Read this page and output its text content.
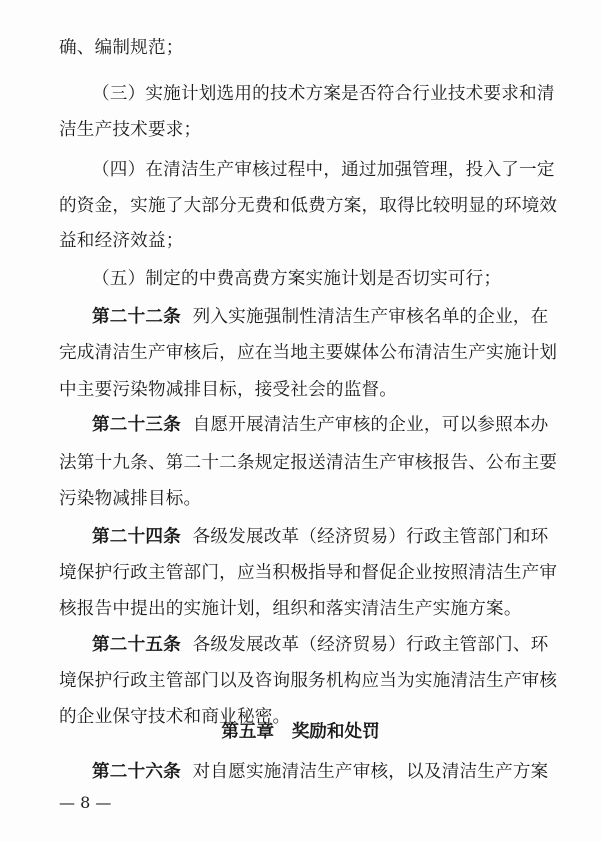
确、编制规范；
（三）实施计划选用的技术方案是否符合行业技术要求和清
洁生产技术要求；
（四）在清洁生产审核过程中，通过加强管理，投入了一定
的资金，实施了大部分无费和低费方案，取得比较明显的环境效
益和经济效益；
（五）制定的中费高费方案实施计划是否切实可行；
第二十二条 列入实施强制性清洁生产审核名单的企业，在
完成清洁生产审核后，应在当地主要媒体公布清洁生产实施计划
中主要污染物减排目标，接受社会的监督。
第二十三条 自愿开展清洁生产审核的企业，可以参照本办
法第十九条、第二十二条规定报送清洁生产审核报告、公布主要
污染物减排目标。
第二十四条 各级发展改革（经济贸易）行政主管部门和环
境保护行政主管部门，应当积极指导和督促企业按照清洁生产审
核报告中提出的实施计划，组织和落实清洁生产实施方案。
第二十五条 各级发展改革（经济贸易）行政主管部门、环
境保护行政主管部门以及咨询服务机构应当为实施清洁生产审核
的企业保守技术和商业秘密。
第五章　奖励和处罚
第二十六条 对自愿实施清洁生产审核，以及清洁生产方案
— 8 —
